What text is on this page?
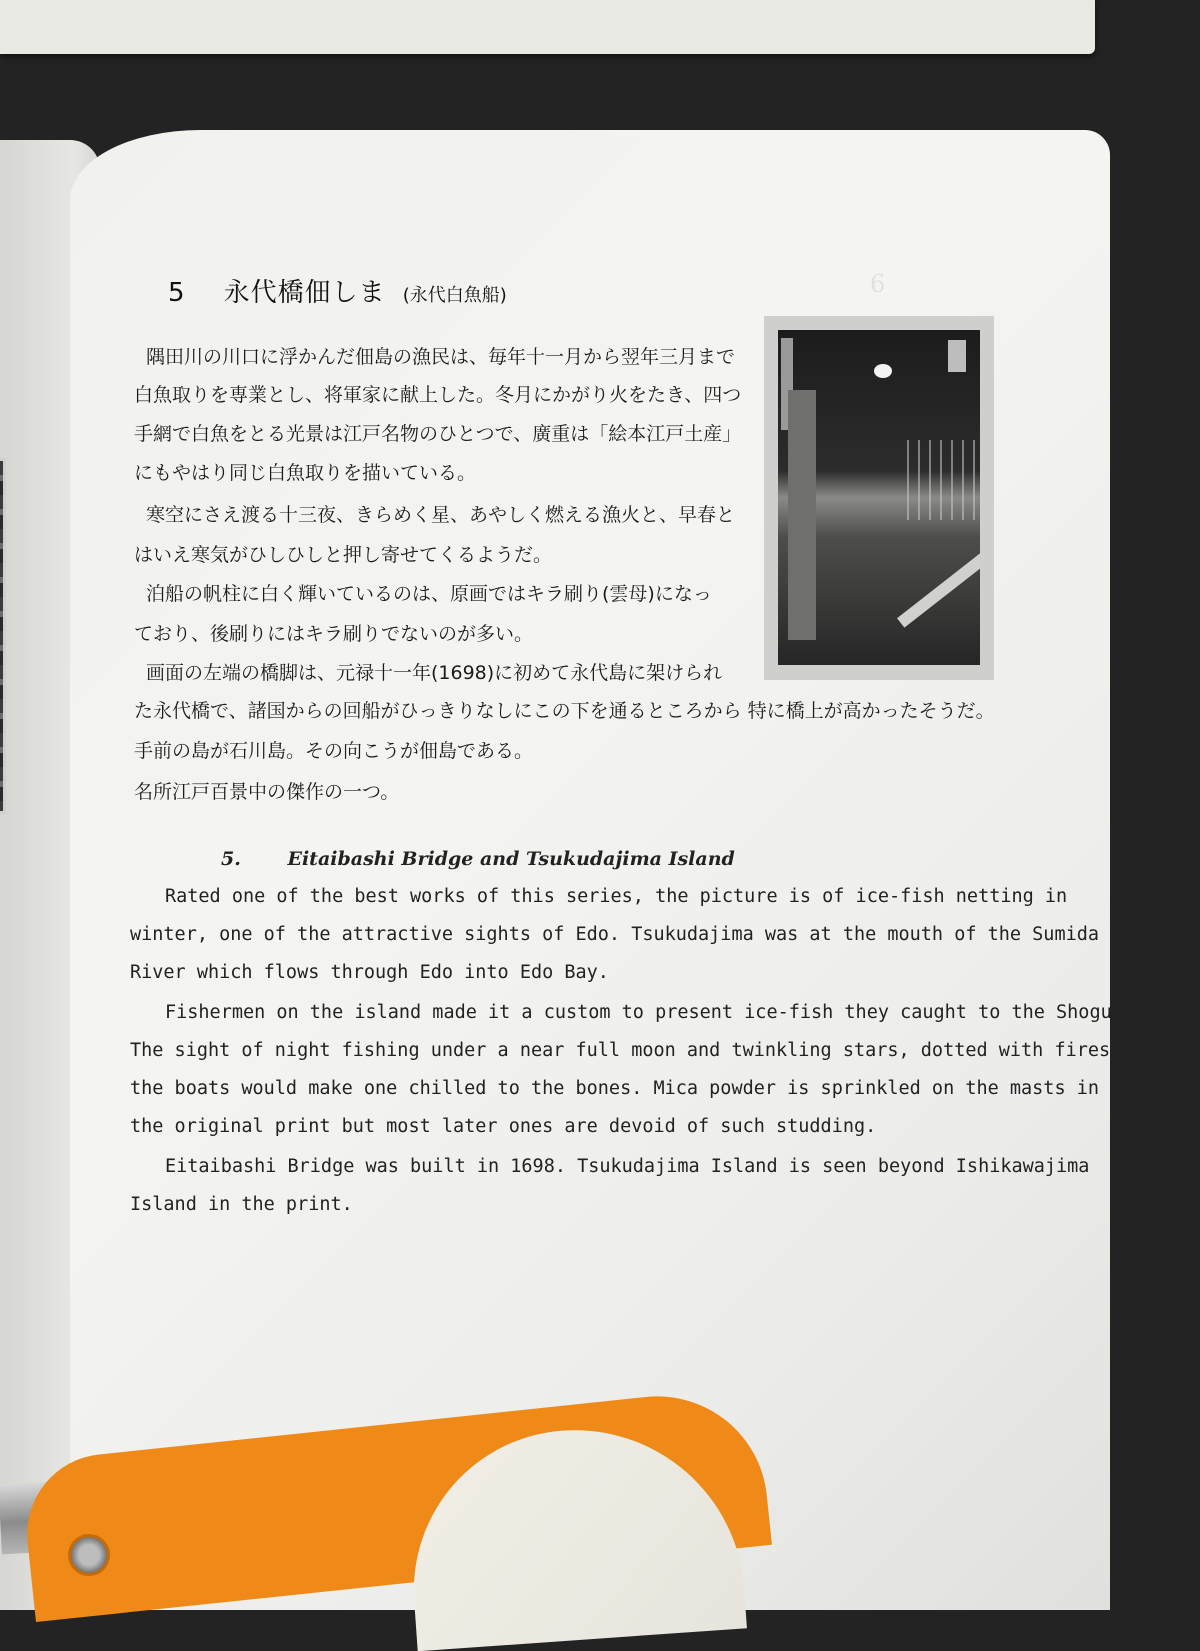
6
5 永代橋佃しま (永代白魚船)
隅田川の川口に浮かんだ佃島の漁民は、毎年十一月から翌年三月まで
白魚取りを専業とし、将軍家に献上した。冬月にかがり火をたき、四つ
手網で白魚をとる光景は江戸名物のひとつで、廣重は「絵本江戸土産」
にもやはり同じ白魚取りを描いている。
寒空にさえ渡る十三夜、きらめく星、あやしく燃える漁火と、早春と
はいえ寒気がひしひしと押し寄せてくるようだ。
泊船の帆柱に白く輝いているのは、原画ではキラ刷り(雲母)になっ
ており、後刷りにはキラ刷りでないのが多い。
画面の左端の橋脚は、元禄十一年(1698)に初めて永代島に架けられ
た永代橋で、諸国からの回船がひっきりなしにこの下を通るところから 特に橋上が高かったそうだ。
手前の島が石川島。その向こうが佃島である。
名所江戸百景中の傑作の一つ。
5. Eitaibashi Bridge and Tsukudajima Island
Rated one of the best works of this series, the picture is of ice-fish netting in
winter, one of the attractive sights of Edo. Tsukudajima was at the mouth of the Sumida
River which flows through Edo into Edo Bay.
Fishermen on the island made it a custom to present ice-fish they caught to the Shogun.
The sight of night fishing under a near full moon and twinkling stars, dotted with fires on
the boats would make one chilled to the bones. Mica powder is sprinkled on the masts in
the original print but most later ones are devoid of such studding.
Eitaibashi Bridge was built in 1698. Tsukudajima Island is seen beyond Ishikawajima
Island in the print.
